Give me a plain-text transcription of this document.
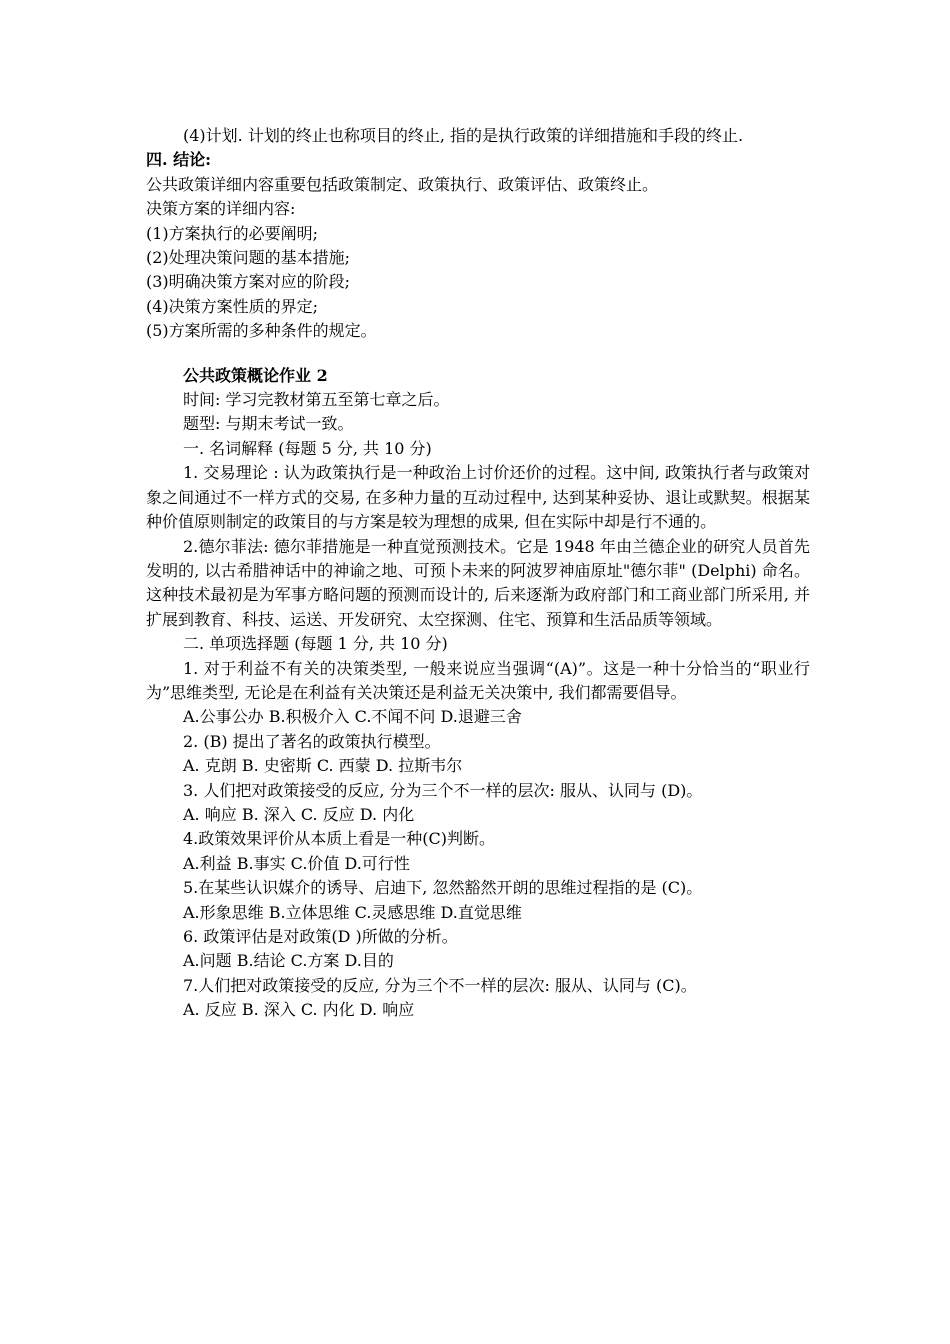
(4)计划. 计划的终止也称项目的终止, 指的是执行政策的详细措施和手段的终止.

四. 结论:

公共政策详细内容重要包括政策制定、政策执行、政策评估、政策终止。

决策方案的详细内容:

(1)方案执行的必要阐明;

(2)处理决策问题的基本措施;

(3)明确决策方案对应的阶段;

(4)决策方案性质的界定;

(5)方案所需的多种条件的规定。

公共政策概论作业 2

时间: 学习完教材第五至第七章之后。

题型: 与期末考试一致。

一. 名词解释 (每题 5 分, 共 10 分)

1. 交易理论 : 认为政策执行是一种政治上讨价还价的过程。这中间, 政策执行者与政策对象之间通过不一样方式的交易, 在多种力量的互动过程中, 达到某种妥协、退让或默契。根据某种价值原则制定的政策目的与方案是较为理想的成果, 但在实际中却是行不通的。

2.德尔菲法: 德尔菲措施是一种直觉预测技术。它是 1948 年由兰德企业的研究人员首先发明的, 以古希腊神话中的神谕之地、可预卜未来的阿波罗神庙原址"德尔菲" (Delphi) 命名。这种技术最初是为军事方略问题的预测而设计的, 后来逐渐为政府部门和工商业部门所采用, 并扩展到教育、科技、运送、开发研究、太空探测、住宅、预算和生活品质等领域。

二. 单项选择题 (每题 1 分, 共 10 分)

1. 对于利益不有关的决策类型, 一般来说应当强调“(A)”。这是一种十分恰当的“职业行为”思维类型, 无论是在利益有关决策还是利益无关决策中, 我们都需要倡导。

A.公事公办 B.积极介入 C.不闻不问 D.退避三舍

2. (B) 提出了著名的政策执行模型。

A. 克朗 B. 史密斯 C. 西蒙 D. 拉斯韦尔

3. 人们把对政策接受的反应, 分为三个不一样的层次: 服从、认同与 (D)。

A. 响应 B. 深入 C. 反应 D. 内化

4.政策效果评价从本质上看是一种(C)判断。

A.利益 B.事实 C.价值 D.可行性

5.在某些认识媒介的诱导、启迪下, 忽然豁然开朗的思维过程指的是 (C)。

A.形象思维 B.立体思维 C.灵感思维 D.直觉思维

6. 政策评估是对政策(D )所做的分析。

A.问题 B.结论 C.方案 D.目的

7.人们把对政策接受的反应, 分为三个不一样的层次: 服从、认同与 (C)。

A. 反应 B. 深入 C. 内化 D. 响应
